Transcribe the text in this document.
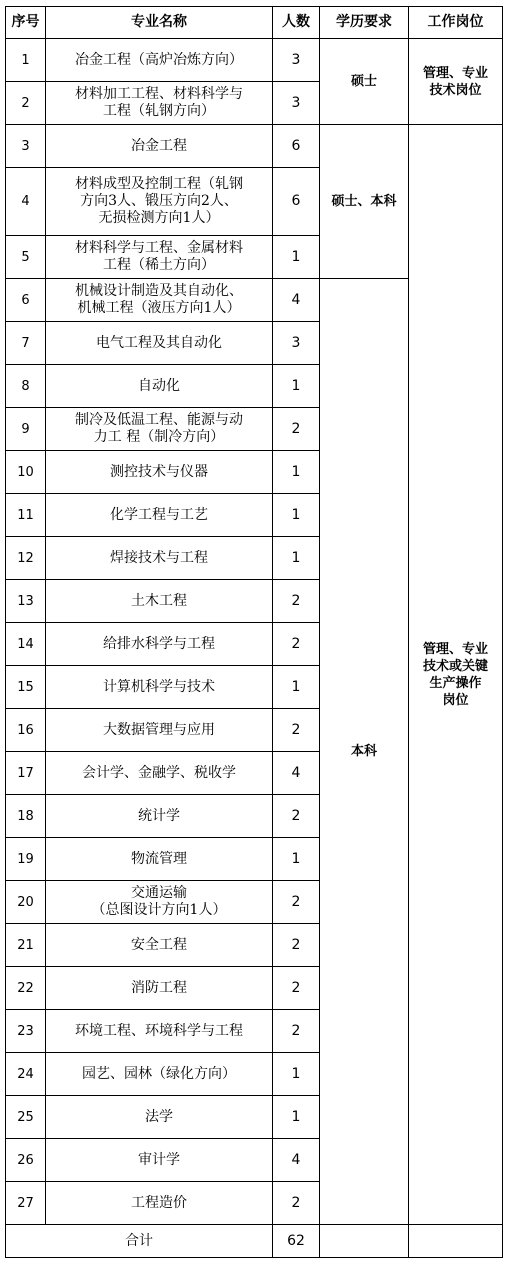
序号	专业名称	人数	学历要求	工作岗位
1	冶金工程（高炉冶炼方向）	3	硕士	管理、专业
技术岗位

2	材料加工工程、材料科学与
工程（轧钢方向）	3		
3	冶金工程	6	硕士、本科	管理、专业
技术或关键
生产操作
岗位

4	材料成型及控制工程（轧钢
方向3人、锻压方向2人、
无损检测方向1人）	6		
5	材料科学与工程、金属材料
工程（稀土方向）	1		
6	机械设计制造及其自动化、
机械工程（液压方向1人）	4	本科	
7	电气工程及其自动化	3		
8	自动化	1		
9	制冷及低温工程、能源与动
力工 程（制冷方向）	2		
10	测控技术与仪器	1		
11	化学工程与工艺	1		
12	焊接技术与工程	1		
13	土木工程	2		
14	给排水科学与工程	2		
15	计算机科学与技术	1		
16	大数据管理与应用	2		
17	会计学、金融学、税收学	4		
18	统计学	2		
19	物流管理	1		
20	交通运输
（总图设计方向1人）	2		
21	安全工程	2		
22	消防工程	2		
23	环境工程、环境科学与工程	2		
24	园艺、园林（绿化方向）	1		
25	法学	1		
26	审计学	4		
27	工程造价	2		
合计		62		
